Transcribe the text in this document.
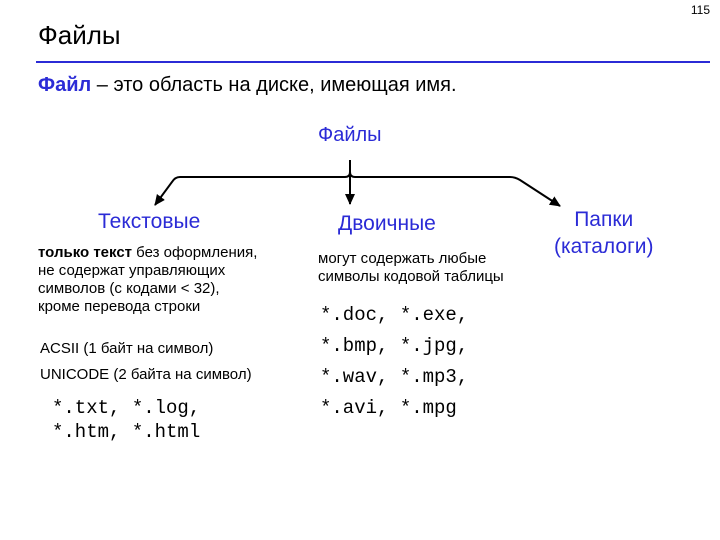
115
Файлы
Файл – это область на диске, имеющая имя.
Файлы
Текстовые	Двоичные	Папки
(каталоги)
только текст без оформления,
не содержат управляющих
символов (с кодами < 32),
кроме перевода строки
ACSII (1 байт на символ)
UNICODE (2 байта на символ)
*.txt, *.log,
*.htm, *.html
могут содержать любые
символы кодовой таблицы
*.doc, *.exe,
*.bmp, *.jpg,
*.wav, *.mp3,
*.avi, *.mpg
